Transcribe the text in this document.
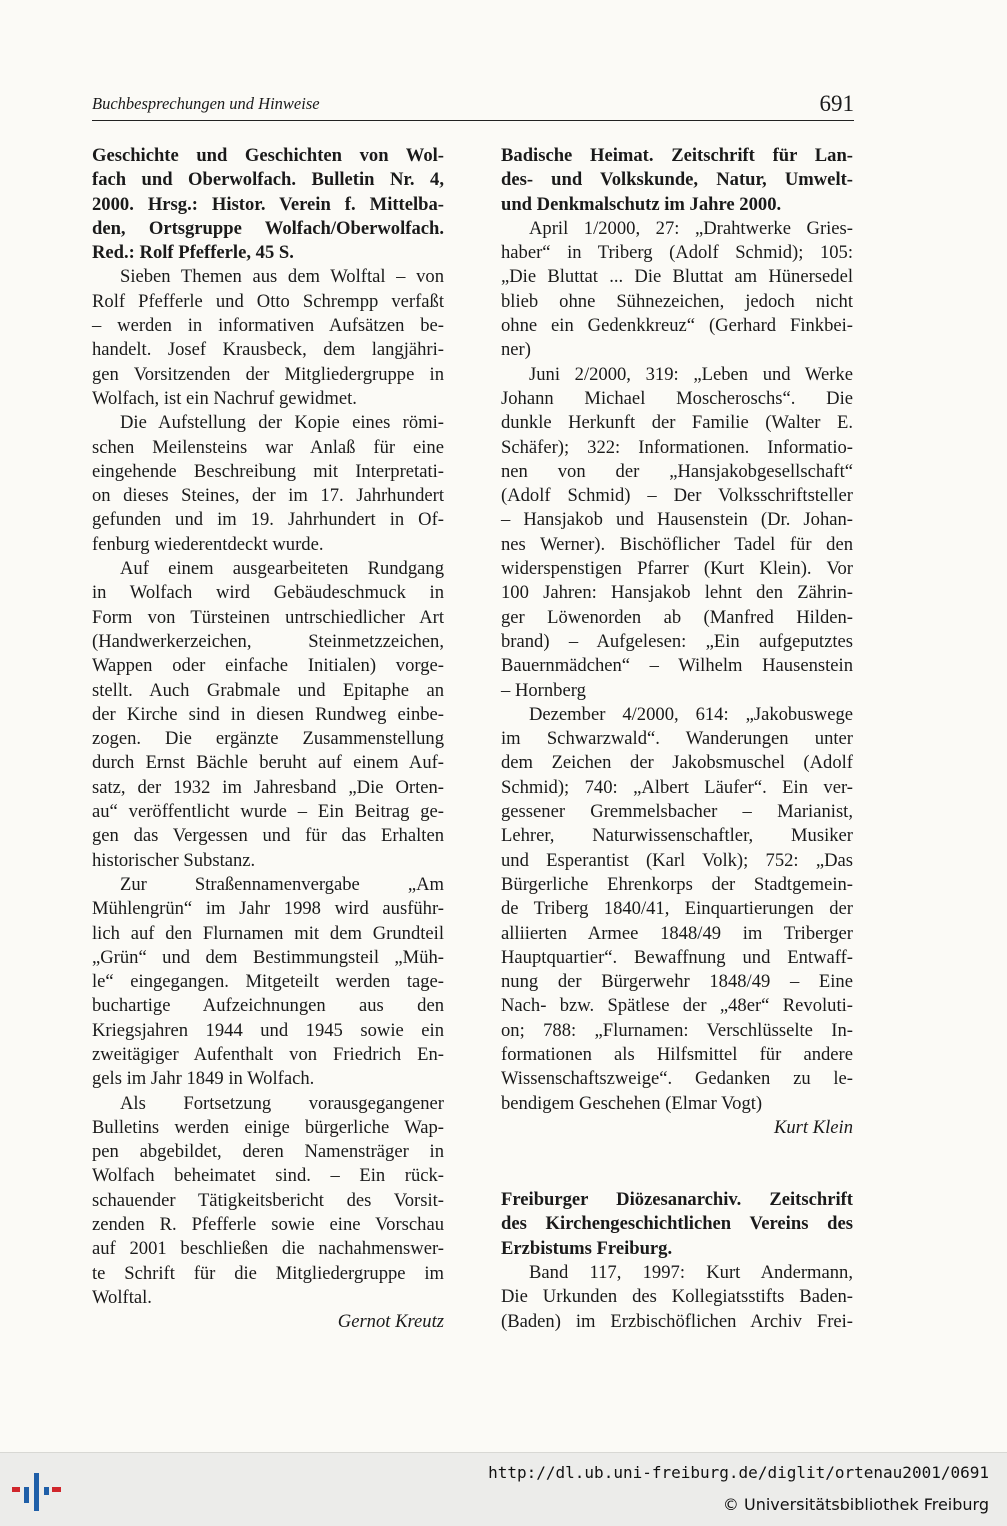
Buchbesprechungen und Hinweise	691
Geschichte und Geschichten von Wol-
fach und Oberwolfach. Bulletin Nr. 4,
2000. Hrsg.: Histor. Verein f. Mittelba-
den, Ortsgruppe Wolfach/Oberwolfach.
Red.: Rolf Pfefferle, 45 S.
Sieben Themen aus dem Wolftal – von
Rolf Pfefferle und Otto Schrempp verfaßt
– werden in informativen Aufsätzen be-
handelt. Josef Krausbeck, dem langjähri-
gen Vorsitzenden der Mitgliedergruppe in
Wolfach, ist ein Nachruf gewidmet.
Die Aufstellung der Kopie eines römi-
schen Meilensteins war Anlaß für eine
eingehende Beschreibung mit Interpretati-
on dieses Steines, der im 17. Jahrhundert
gefunden und im 19. Jahrhundert in Of-
fenburg wiederentdeckt wurde.
Auf einem ausgearbeiteten Rundgang
in Wolfach wird Gebäudeschmuck in
Form von Türsteinen untrschiedlicher Art
(Handwerkerzeichen, Steinmetzzeichen,
Wappen oder einfache Initialen) vorge-
stellt. Auch Grabmale und Epitaphe an
der Kirche sind in diesen Rundweg einbe-
zogen. Die ergänzte Zusammenstellung
durch Ernst Bächle beruht auf einem Auf-
satz, der 1932 im Jahresband „Die Orten-
au“ veröffentlicht wurde – Ein Beitrag ge-
gen das Vergessen und für das Erhalten
historischer Substanz.
Zur Straßennamenvergabe „Am
Mühlengrün“ im Jahr 1998 wird ausführ-
lich auf den Flurnamen mit dem Grundteil
„Grün“ und dem Bestimmungsteil „Müh-
le“ eingegangen. Mitgeteilt werden tage-
buchartige Aufzeichnungen aus den
Kriegsjahren 1944 und 1945 sowie ein
zweitägiger Aufenthalt von Friedrich En-
gels im Jahr 1849 in Wolfach.
Als Fortsetzung vorausgegangener
Bulletins werden einige bürgerliche Wap-
pen abgebildet, deren Namensträger in
Wolfach beheimatet sind. – Ein rück-
schauender Tätigkeitsbericht des Vorsit-
zenden R. Pfefferle sowie eine Vorschau
auf 2001 beschließen die nachahmenswer-
te Schrift für die Mitgliedergruppe im
Wolftal.
Gernot Kreutz
Badische Heimat. Zeitschrift für Lan-
des- und Volkskunde, Natur, Umwelt-
und Denkmalschutz im Jahre 2000.
April 1/2000, 27: „Drahtwerke Gries-
haber“ in Triberg (Adolf Schmid); 105:
„Die Bluttat ... Die Bluttat am Hünersedel
blieb ohne Sühnezeichen, jedoch nicht
ohne ein Gedenkkreuz“ (Gerhard Finkbei-
ner)
Juni 2/2000, 319: „Leben und Werke
Johann Michael Moscheroschs“. Die
dunkle Herkunft der Familie (Walter E.
Schäfer); 322: Informationen. Informatio-
nen von der „Hansjakobgesellschaft“
(Adolf Schmid) – Der Volksschriftsteller
– Hansjakob und Hausenstein (Dr. Johan-
nes Werner). Bischöflicher Tadel für den
widerspenstigen Pfarrer (Kurt Klein). Vor
100 Jahren: Hansjakob lehnt den Zährin-
ger Löwenorden ab (Manfred Hilden-
brand) – Aufgelesen: „Ein aufgeputztes
Bauernmädchen“ – Wilhelm Hausenstein
– Hornberg
Dezember 4/2000, 614: „Jakobuswege
im Schwarzwald“. Wanderungen unter
dem Zeichen der Jakobsmuschel (Adolf
Schmid); 740: „Albert Läufer“. Ein ver-
gessener Gremmelsbacher – Marianist,
Lehrer, Naturwissenschaftler, Musiker
und Esperantist (Karl Volk); 752: „Das
Bürgerliche Ehrenkorps der Stadtgemein-
de Triberg 1840/41, Einquartierungen der
alliierten Armee 1848/49 im Triberger
Hauptquartier“. Bewaffnung und Entwaff-
nung der Bürgerwehr 1848/49 – Eine
Nach- bzw. Spätlese der „48er“ Revoluti-
on; 788: „Flurnamen: Verschlüsselte In-
formationen als Hilfsmittel für andere
Wissenschaftszweige“. Gedanken zu le-
bendigem Geschehen (Elmar Vogt)
Kurt Klein
Freiburger Diözesanarchiv. Zeitschrift
des Kirchengeschichtlichen Vereins des
Erzbistums Freiburg.
Band 117, 1997: Kurt Andermann,
Die Urkunden des Kollegiatsstifts Baden-
(Baden) im Erzbischöflichen Archiv Frei-
http://dl.ub.uni-freiburg.de/diglit/ortenau2001/0691
© Universitätsbibliothek Freiburg
